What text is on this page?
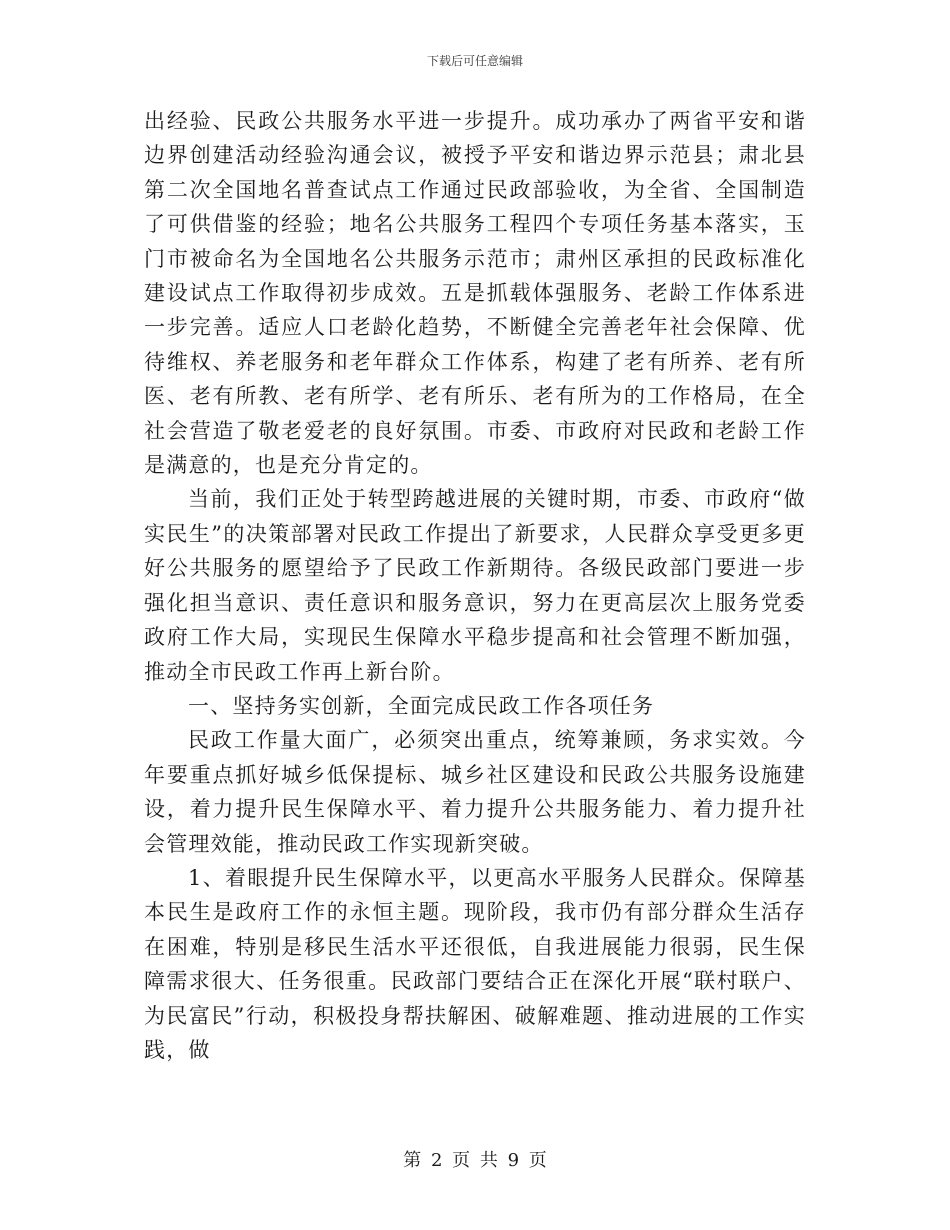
下载后可任意编辑

出经验、民政公共服务水平进一步提升。成功承办了两省平安和谐边界创建活动经验沟通会议，被授予平安和谐边界示范县；肃北县第二次全国地名普查试点工作通过民政部验收，为全省、全国制造了可供借鉴的经验；地名公共服务工程四个专项任务基本落实，玉门市被命名为全国地名公共服务示范市；肃州区承担的民政标准化建设试点工作取得初步成效。五是抓载体强服务、老龄工作体系进一步完善。适应人口老龄化趋势，不断健全完善老年社会保障、优待维权、养老服务和老年群众工作体系，构建了老有所养、老有所医、老有所教、老有所学、老有所乐、老有所为的工作格局，在全社会营造了敬老爱老的良好氛围。市委、市政府对民政和老龄工作是满意的，也是充分肯定的。

当前，我们正处于转型跨越进展的关键时期，市委、市政府“做实民生”的决策部署对民政工作提出了新要求，人民群众享受更多更好公共服务的愿望给予了民政工作新期待。各级民政部门要进一步强化担当意识、责任意识和服务意识，努力在更高层次上服务党委政府工作大局，实现民生保障水平稳步提高和社会管理不断加强，推动全市民政工作再上新台阶。

一、坚持务实创新，全面完成民政工作各项任务

民政工作量大面广，必须突出重点，统筹兼顾，务求实效。今年要重点抓好城乡低保提标、城乡社区建设和民政公共服务设施建设，着力提升民生保障水平、着力提升公共服务能力、着力提升社会管理效能，推动民政工作实现新突破。

1、着眼提升民生保障水平，以更高水平服务人民群众。保障基本民生是政府工作的永恒主题。现阶段，我市仍有部分群众生活存在困难，特别是移民生活水平还很低，自我进展能力很弱，民生保障需求很大、任务很重。民政部门要结合正在深化开展“联村联户、为民富民”行动，积极投身帮扶解困、破解难题、推动进展的工作实践，做

第 2 页 共 9 页
